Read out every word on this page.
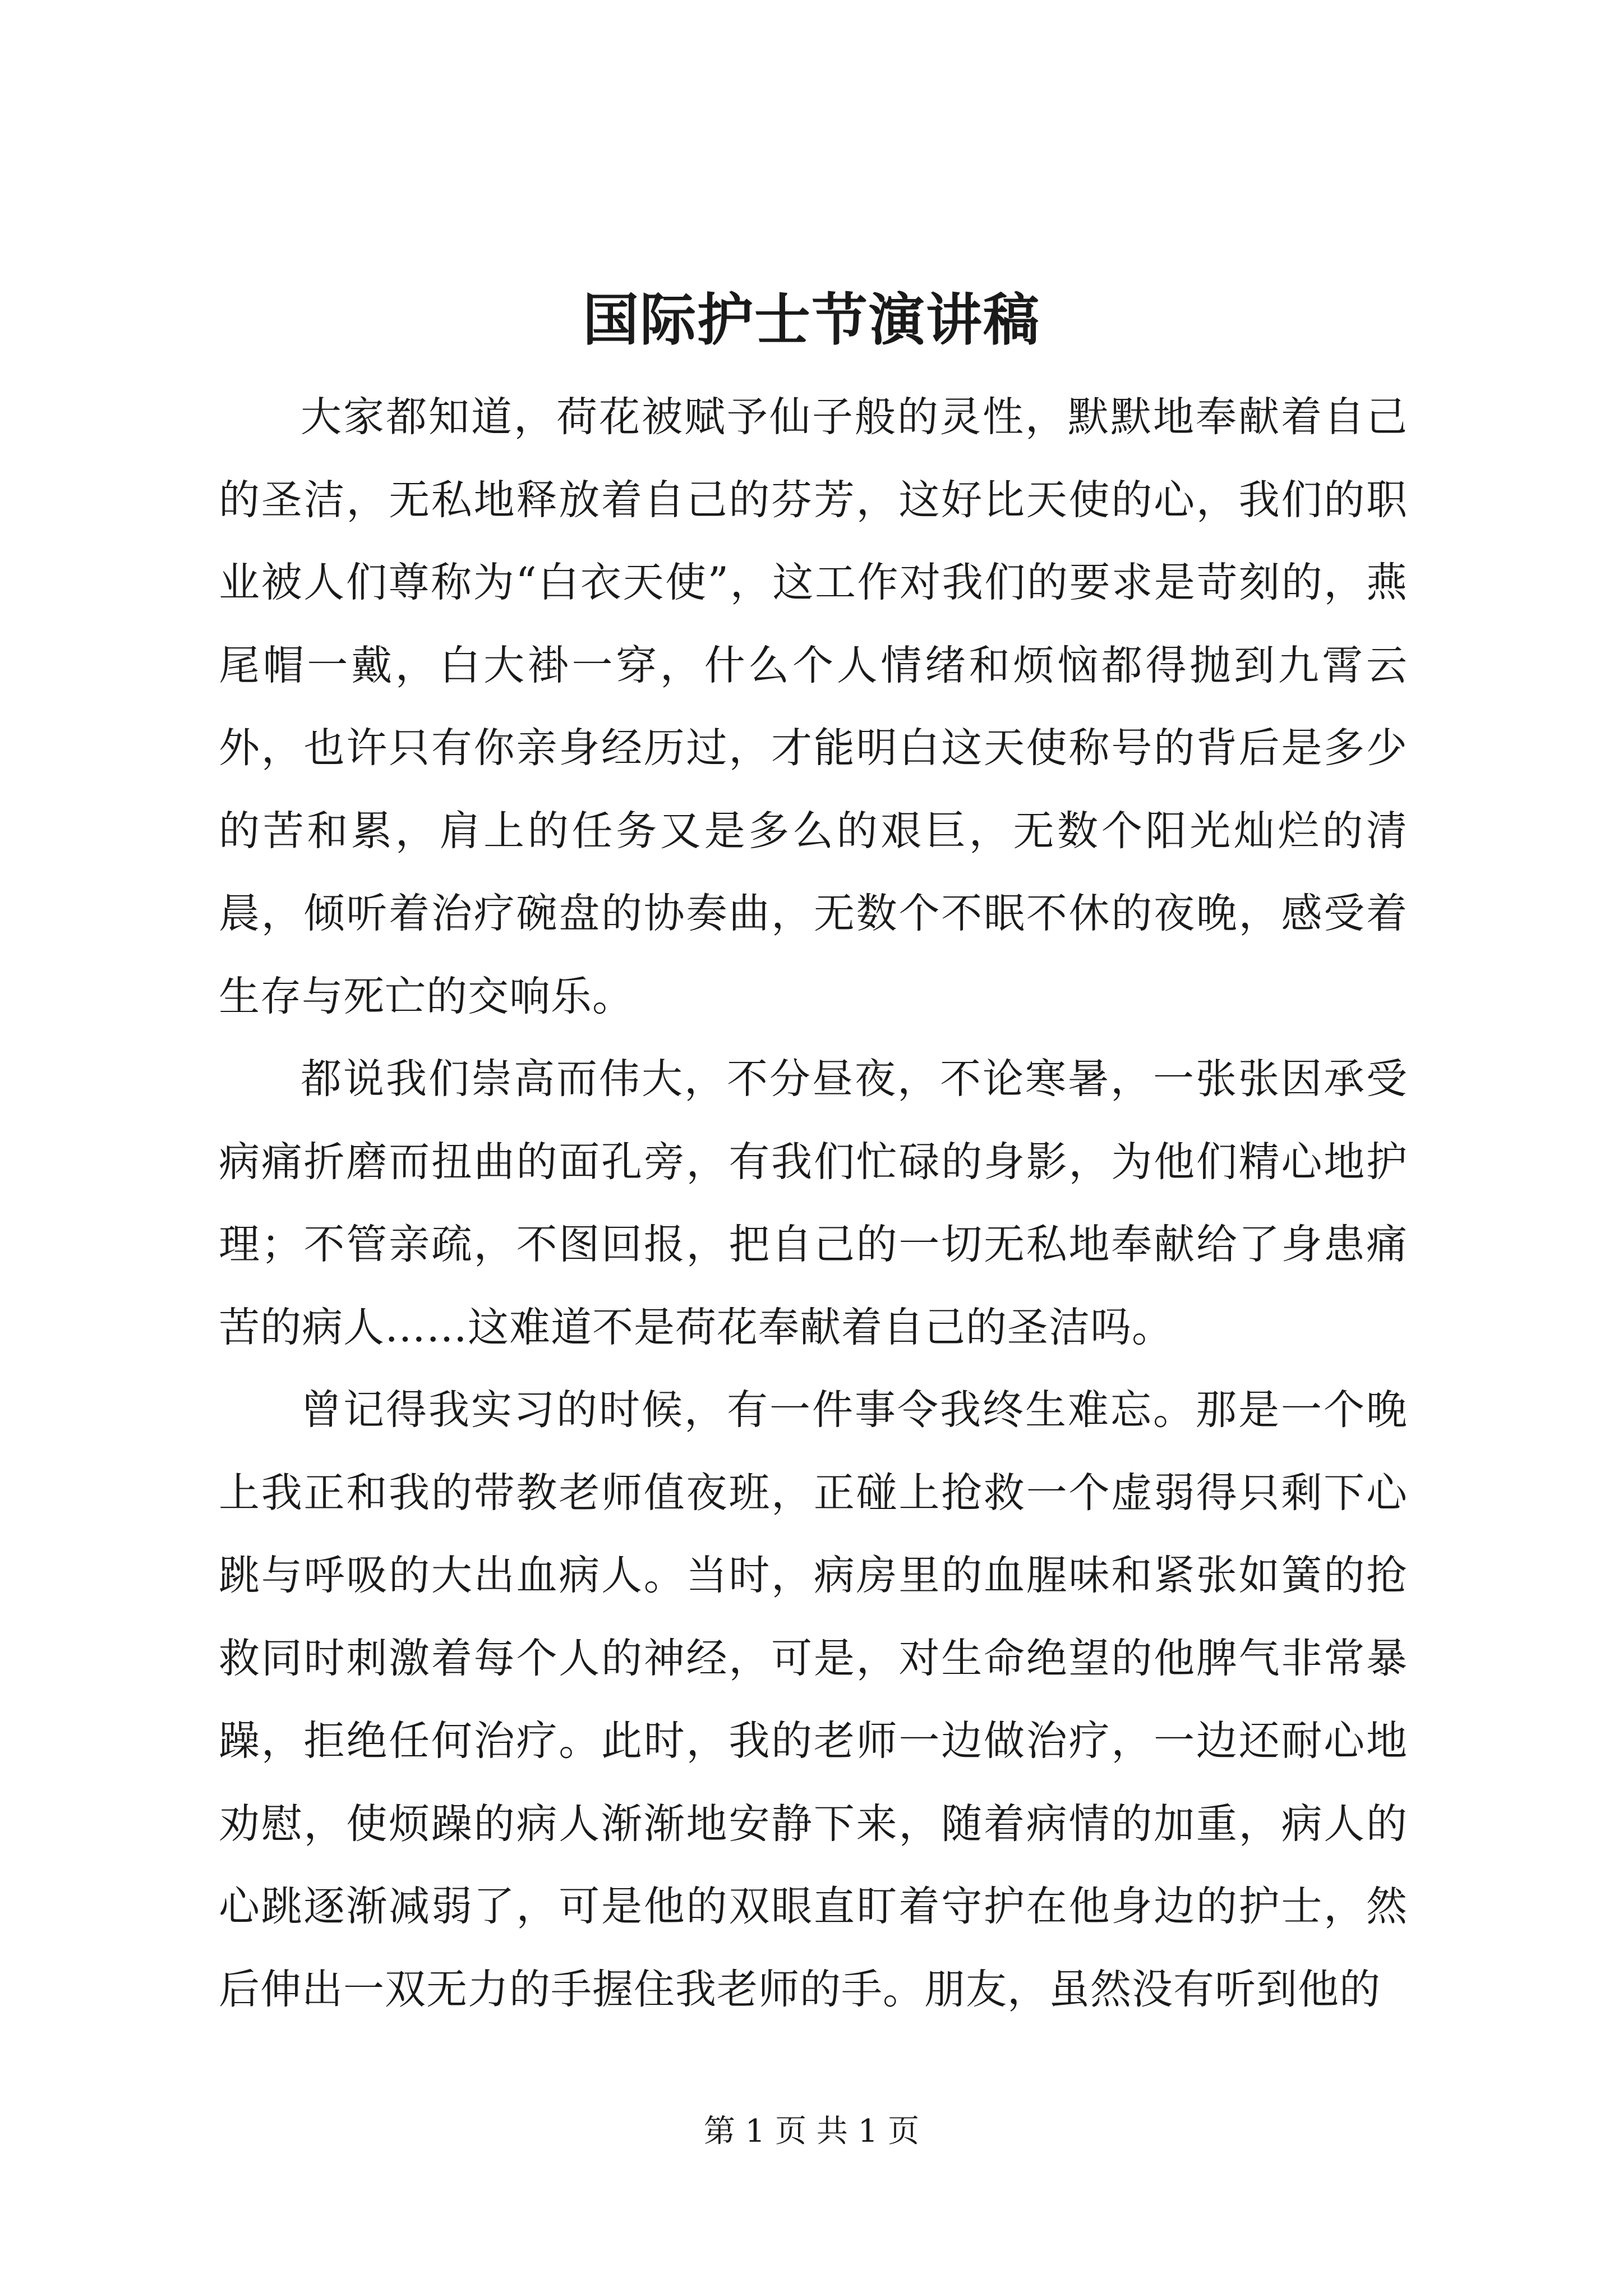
国际护士节演讲稿

大家都知道，荷花被赋予仙子般的灵性，默默地奉献着自己的圣洁，无私地释放着自己的芬芳，这好比天使的心，我们的职业被人们尊称为“白衣天使”，这工作对我们的要求是苛刻的，燕尾帽一戴，白大褂一穿，什么个人情绪和烦恼都得抛到九霄云外，也许只有你亲身经历过，才能明白这天使称号的背后是多少的苦和累，肩上的任务又是多么的艰巨，无数个阳光灿烂的清晨，倾听着治疗碗盘的协奏曲，无数个不眠不休的夜晚，感受着生存与死亡的交响乐。

都说我们崇高而伟大，不分昼夜，不论寒暑，一张张因承受病痛折磨而扭曲的面孔旁，有我们忙碌的身影，为他们精心地护理；不管亲疏，不图回报，把自己的一切无私地奉献给了身患痛苦的病人……这难道不是荷花奉献着自己的圣洁吗。

曾记得我实习的时候，有一件事令我终生难忘。那是一个晚上我正和我的带教老师值夜班，正碰上抢救一个虚弱得只剩下心跳与呼吸的大出血病人。当时，病房里的血腥味和紧张如簧的抢救同时刺激着每个人的神经，可是，对生命绝望的他脾气非常暴躁，拒绝任何治疗。此时，我的老师一边做治疗，一边还耐心地劝慰，使烦躁的病人渐渐地安静下来，随着病情的加重，病人的心跳逐渐减弱了，可是他的双眼直盯着守护在他身边的护士，然后伸出一双无力的手握住我老师的手。朋友，虽然没有听到他的

第 1 页 共 1 页
